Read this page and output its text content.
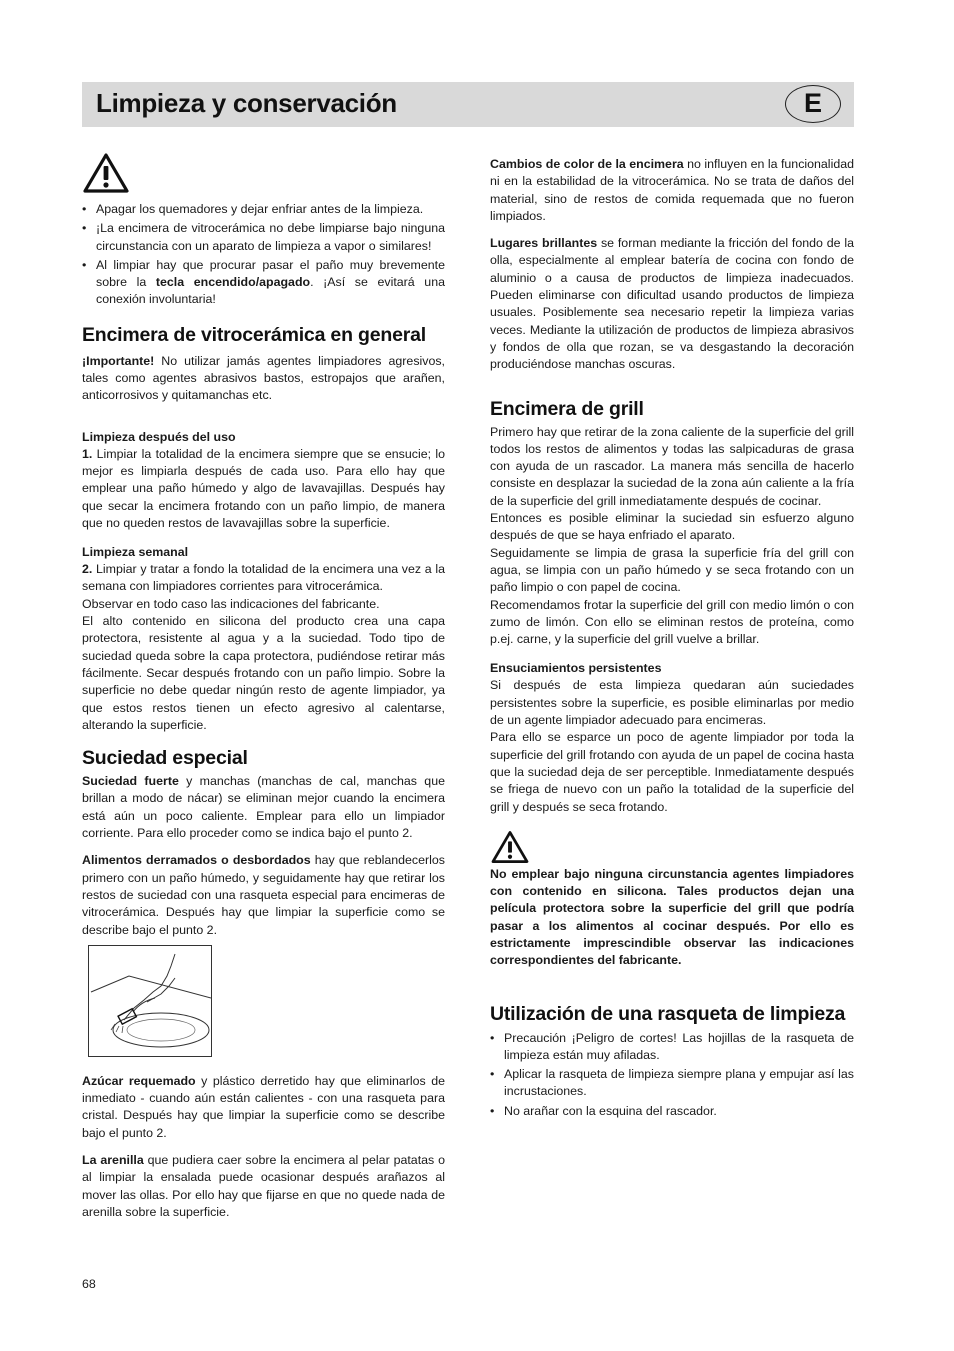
Limpieza y conservación	E
• Apagar los quemadores y dejar enfriar antes de la limpieza.
• ¡La encimera de vitrocerámica no debe limpiarse bajo ninguna circunstancia con un aparato de limpieza a vapor o similares!
• Al limpiar hay que procurar pasar el paño muy brevemente sobre la tecla encendido/apagado. ¡Así se evitará una conexión involuntaria!
Encimera de vitrocerámica en general

¡Importante! No utilizar jamás agentes limpiadores agresivos, tales como agentes abrasivos bastos, estropajos que arañen, anticorrosivos y quitamanchas etc.

Limpieza después del uso

1. Limpiar la totalidad de la encimera siempre que se ensucie; lo mejor es limpiarla después de cada uso. Para ello hay que emplear una paño húmedo y algo de lavavajillas. Después hay que secar la encimera frotando con un paño limpio, de manera que no queden restos de lavavajillas sobre la superficie.

Limpieza semanal

2. Limpiar y tratar a fondo la totalidad de la encimera una vez a la semana con limpiadores corrientes para vitrocerámica.

Observar en todo caso las indicaciones del fabricante.

El alto contenido en silicona del producto crea una capa protectora, resistente al agua y a la suciedad. Todo tipo de suciedad queda sobre la capa protectora, pudiéndose retirar más fácilmente. Secar después frotando con un paño limpio. Sobre la superficie no debe quedar ningún resto de agente limpiador, ya que estos restos tienen un efecto agresivo al calentarse, alterando la superficie.

Suciedad especial

Suciedad fuerte y manchas (manchas de cal, manchas que brillan a modo de nácar) se eliminan mejor cuando la encimera está aún un poco caliente. Emplear para ello un limpiador corriente. Para ello proceder como se indica bajo el punto 2.

Alimentos derramados o desbordados hay que reblandecerlos primero con un paño húmedo, y seguidamente hay que retirar los restos de suciedad con una rasqueta especial para encimeras de vitrocerámica. Después hay que limpiar la superficie como se describe bajo el punto 2.

Azúcar requemado y plástico derretido hay que eliminarlos de inmediato - cuando aún están calientes - con una rasqueta para cristal. Después hay que limpiar la superficie como se describe bajo el punto 2.

La arenilla que pudiera caer sobre la encimera al pelar patatas o al limpiar la ensalada puede ocasionar después arañazos al mover las ollas. Por ello hay que fijarse en que no quede nada de arenilla sobre la superficie.

Cambios de color de la encimera no influyen en la funcionalidad ni en la estabilidad de la vitrocerámica. No se trata de daños del material, sino de restos de comida requemada que no fueron limpiados.

Lugares brillantes se forman mediante la fricción del fondo de la olla, especialmente al emplear batería de cocina con fondo de aluminio o a causa de productos de limpieza inadecuados. Pueden eliminarse con dificultad usando productos de limpieza usuales. Posiblemente sea necesario repetir la limpieza varias veces. Mediante la utilización de productos de limpieza abrasivos y fondos de olla que rozan, se va desgastando la decoración produciéndose manchas oscuras.

Encimera de grill

Primero hay que retirar de la zona caliente de la superficie del grill todos los restos de alimentos y todas las salpicaduras de grasa con ayuda de un rascador. La manera más sencilla de hacerlo consiste en desplazar la suciedad de la zona aún caliente a la fría de la superficie del grill inmediatamente después de cocinar.

Entonces es posible eliminar la suciedad sin esfuerzo alguno después de que se haya enfriado el aparato.

Seguidamente se limpia de grasa la superficie fría del grill con agua, se limpia con un paño húmedo y se seca frotando con un paño limpio o con papel de cocina.

Recomendamos frotar la superficie del grill con medio limón o con zumo de limón. Con ello se eliminan restos de proteína, como p.ej. carne, y la superficie del grill vuelve a brillar.

Ensuciamientos persistentes

Si después de esta limpieza quedaran aún suciedades persistentes sobre la superficie, es posible eliminarlas por medio de un agente limpiador adecuado para encimeras.

Para ello se esparce un poco de agente limpiador por toda la superficie del grill frotando con ayuda de un papel de cocina hasta que la suciedad deja de ser perceptible. Inmediatamente después se friega de nuevo con un paño la totalidad de la superficie del grill y después se seca frotando.

No emplear bajo ninguna circunstancia agentes limpiadores con contenido en silicona. Tales productos dejan una película protectora sobre la superficie del grill que podría pasar a los alimentos al cocinar después. Por ello es estrictamente imprescindible observar las indicaciones correspondientes del fabricante.

Utilización de una rasqueta de limpieza
• Precaución ¡Peligro de cortes! Las hojillas de la rasqueta de limpieza están muy afiladas.
• Aplicar la rasqueta de limpieza siempre plana y empujar así las incrustaciones.
• No arañar con la esquina del rascador.
68
